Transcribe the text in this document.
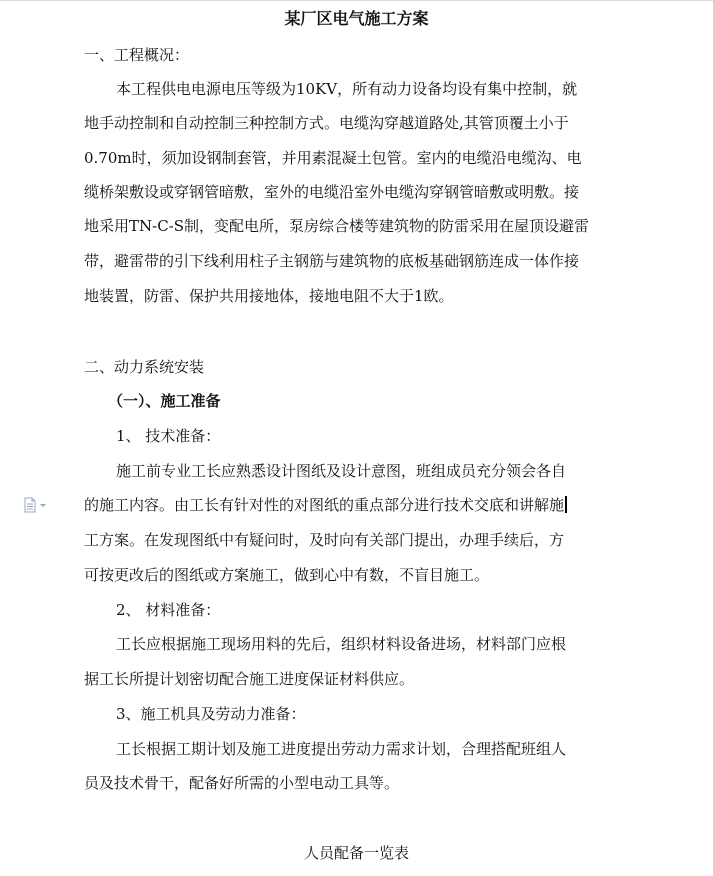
某厂区电气施工方案
一、工程概况：
本工程供电电源电压等级为10KV，所有动力设备均设有集中控制，就
地手动控制和自动控制三种控制方式。电缆沟穿越道路处,其管顶覆土小于
0.70m时，须加设钢制套管，并用素混凝土包管。室内的电缆沿电缆沟、电
缆桥架敷设或穿钢管暗敷，室外的电缆沿室外电缆沟穿钢管暗敷或明敷。接
地采用TN-C-S制，变配电所，泵房综合楼等建筑物的防雷采用在屋顶设避雷
带，避雷带的引下线利用柱子主钢筋与建筑物的底板基础钢筋连成一体作接
地装置，防雷、保护共用接地体，接地电阻不大于1欧。
二、动力系统安装
（一）、施工准备
1、 技术准备：
施工前专业工长应熟悉设计图纸及设计意图，班组成员充分领会各自
的施工内容。由工长有针对性的对图纸的重点部分进行技术交底和讲解施
工方案。在发现图纸中有疑问时，及时向有关部门提出，办理手续后，方
可按更改后的图纸或方案施工，做到心中有数，不盲目施工。
2、 材料准备：
工长应根据施工现场用料的先后，组织材料设备进场，材料部门应根
据工长所提计划密切配合施工进度保证材料供应。
3、施工机具及劳动力准备：
工长根据工期计划及施工进度提出劳动力需求计划，合理搭配班组人
员及技术骨干，配备好所需的小型电动工具等。
人员配备一览表
